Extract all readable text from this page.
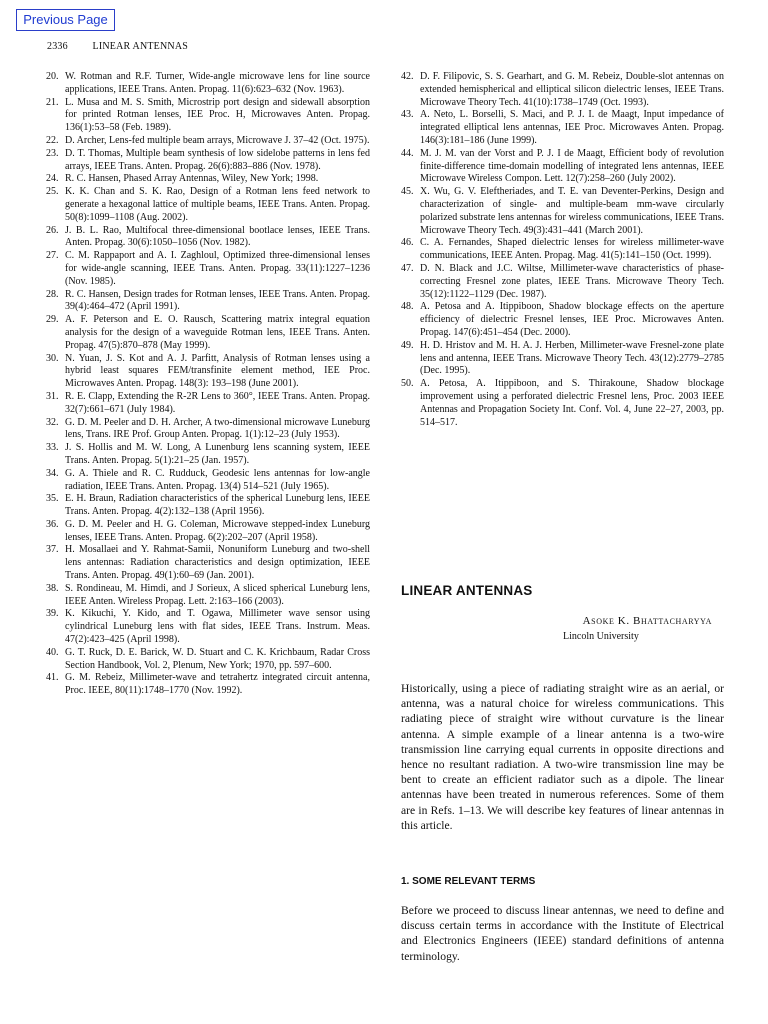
Previous Page
2336 LINEAR ANTENNAS
20. W. Rotman and R.F. Turner, Wide-angle microwave lens for line source applications, IEEE Trans. Anten. Propag. 11(6):623–632 (Nov. 1963).
21. L. Musa and M. S. Smith, Microstrip port design and sidewall absorption for printed Rotman lenses, IEE Proc. H, Microwaves Anten. Propag. 136(1):53–58 (Feb. 1989).
22. D. Archer, Lens-fed multiple beam arrays, Microwave J. 37–42 (Oct. 1975).
23. D. T. Thomas, Multiple beam synthesis of low sidelobe patterns in lens fed arrays, IEEE Trans. Anten. Propag. 26(6):883–886 (Nov. 1978).
24. R. C. Hansen, Phased Array Antennas, Wiley, New York; 1998.
25. K. K. Chan and S. K. Rao, Design of a Rotman lens feed network to generate a hexagonal lattice of multiple beams, IEEE Trans. Anten. Propag. 50(8):1099–1108 (Aug. 2002).
26. J. B. L. Rao, Multifocal three-dimensional bootlace lenses, IEEE Trans. Anten. Propag. 30(6):1050–1056 (Nov. 1982).
27. C. M. Rappaport and A. I. Zaghloul, Optimized three-dimensional lenses for wide-angle scanning, IEEE Trans. Anten. Propag. 33(11):1227–1236 (Nov. 1985).
28. R. C. Hansen, Design trades for Rotman lenses, IEEE Trans. Anten. Propag. 39(4):464–472 (April 1991).
29. A. F. Peterson and E. O. Rausch, Scattering matrix integral equation analysis for the design of a waveguide Rotman lens, IEEE Trans. Anten. Propag. 47(5):870–878 (May 1999).
30. N. Yuan, J. S. Kot and A. J. Parfitt, Analysis of Rotman lenses using a hybrid least squares FEM/transfinite element method, IEE Proc. Microwaves Anten. Propag. 148(3): 193–198 (June 2001).
31. R. E. Clapp, Extending the R-2R Lens to 360°, IEEE Trans. Anten. Propag. 32(7):661–671 (July 1984).
32. G. D. M. Peeler and D. H. Archer, A two-dimensional microwave Luneburg lens, Trans. IRE Prof. Group Anten. Propag. 1(1):12–23 (July 1953).
33. J. S. Hollis and M. W. Long, A Lunenburg lens scanning system, IEEE Trans. Anten. Propag. 5(1):21–25 (Jan. 1957).
34. G. A. Thiele and R. C. Rudduck, Geodesic lens antennas for low-angle radiation, IEEE Trans. Anten. Propag. 13(4) 514–521 (July 1965).
35. E. H. Braun, Radiation characteristics of the spherical Luneburg lens, IEEE Trans. Anten. Propag. 4(2):132–138 (April 1956).
36. G. D. M. Peeler and H. G. Coleman, Microwave stepped-index Luneburg lenses, IEEE Trans. Anten. Propag. 6(2):202–207 (April 1958).
37. H. Mosallaei and Y. Rahmat-Samii, Nonuniform Luneburg and two-shell lens antennas: Radiation characteristics and design optimization, IEEE Trans. Anten. Propag. 49(1):60–69 (Jan. 2001).
38. S. Rondineau, M. Himdi, and J Sorieux, A sliced spherical Luneburg lens, IEEE Anten. Wireless Propag. Lett. 2:163–166 (2003).
39. K. Kikuchi, Y. Kido, and T. Ogawa, Millimeter wave sensor using cylindrical Luneburg lens with flat sides, IEEE Trans. Instrum. Meas. 47(2):423–425 (April 1998).
40. G. T. Ruck, D. E. Barick, W. D. Stuart and C. K. Krichbaum, Radar Cross Section Handbook, Vol. 2, Plenum, New York; 1970, pp. 597–600.
41. G. M. Rebeiz, Millimeter-wave and tetrahertz integrated circuit antenna, Proc. IEEE, 80(11):1748–1770 (Nov. 1992).
42. D. F. Filipovic, S. S. Gearhart, and G. M. Rebeiz, Double-slot antennas on extended hemispherical and elliptical silicon dielectric lenses, IEEE Trans. Microwave Theory Tech. 41(10):1738–1749 (Oct. 1993).
43. A. Neto, L. Borselli, S. Maci, and P. J. I. de Maagt, Input impedance of integrated elliptical lens antennas, IEE Proc. Microwaves Anten. Propag. 146(3):181–186 (June 1999).
44. M. J. M. van der Vorst and P. J. I de Maagt, Efficient body of revolution finite-difference time-domain modelling of integrated lens antennas, IEEE Microwave Wireless Compon. Lett. 12(7):258–260 (July 2002).
45. X. Wu, G. V. Eleftheriades, and T. E. van Deventer-Perkins, Design and characterization of single- and multiple-beam mm-wave circularly polarized substrate lens antennas for wireless communications, IEEE Trans. Microwave Theory Tech. 49(3):431–441 (March 2001).
46. C. A. Fernandes, Shaped dielectric lenses for wireless millimeter-wave communications, IEEE Anten. Propag. Mag. 41(5):141–150 (Oct. 1999).
47. D. N. Black and J.C. Wiltse, Millimeter-wave characteristics of phase-correcting Fresnel zone plates, IEEE Trans. Microwave Theory Tech. 35(12):1122–1129 (Dec. 1987).
48. A. Petosa and A. Itippiboon, Shadow blockage effects on the aperture efficiency of dielectric Fresnel lenses, IEE Proc. Microwaves Anten. Propag. 147(6):451–454 (Dec. 2000).
49. H. D. Hristov and M. H. A. J. Herben, Millimeter-wave Fresnel-zone plate lens and antenna, IEEE Trans. Microwave Theory Tech. 43(12):2779–2785 (Dec. 1995).
50. A. Petosa, A. Itippiboon, and S. Thirakoune, Shadow blockage improvement using a perforated dielectric Fresnel lens, Proc. 2003 IEEE Antennas and Propagation Society Int. Conf. Vol. 4, June 22–27, 2003, pp. 514–517.
LINEAR ANTENNAS
Asoke K. Bhattacharyya
Lincoln University

Historically, using a piece of radiating straight wire as an aerial, or antenna, was a natural choice for wireless communications. This radiating piece of straight wire without curvature is the linear antenna. A simple example of a linear antenna is a two-wire transmission line carrying equal currents in opposite directions and hence no resultant radiation. A two-wire transmission line may be bent to create an efficient radiator such as a dipole. The linear antennas have been treated in numerous references. Some of them are in Refs. 1–13. We will describe key features of linear antennas in this article.

1. SOME RELEVANT TERMS

Before we proceed to discuss linear antennas, we need to define and discuss certain terms in accordance with the Institute of Electrical and Electronics Engineers (IEEE) standard definitions of antenna terminology.
